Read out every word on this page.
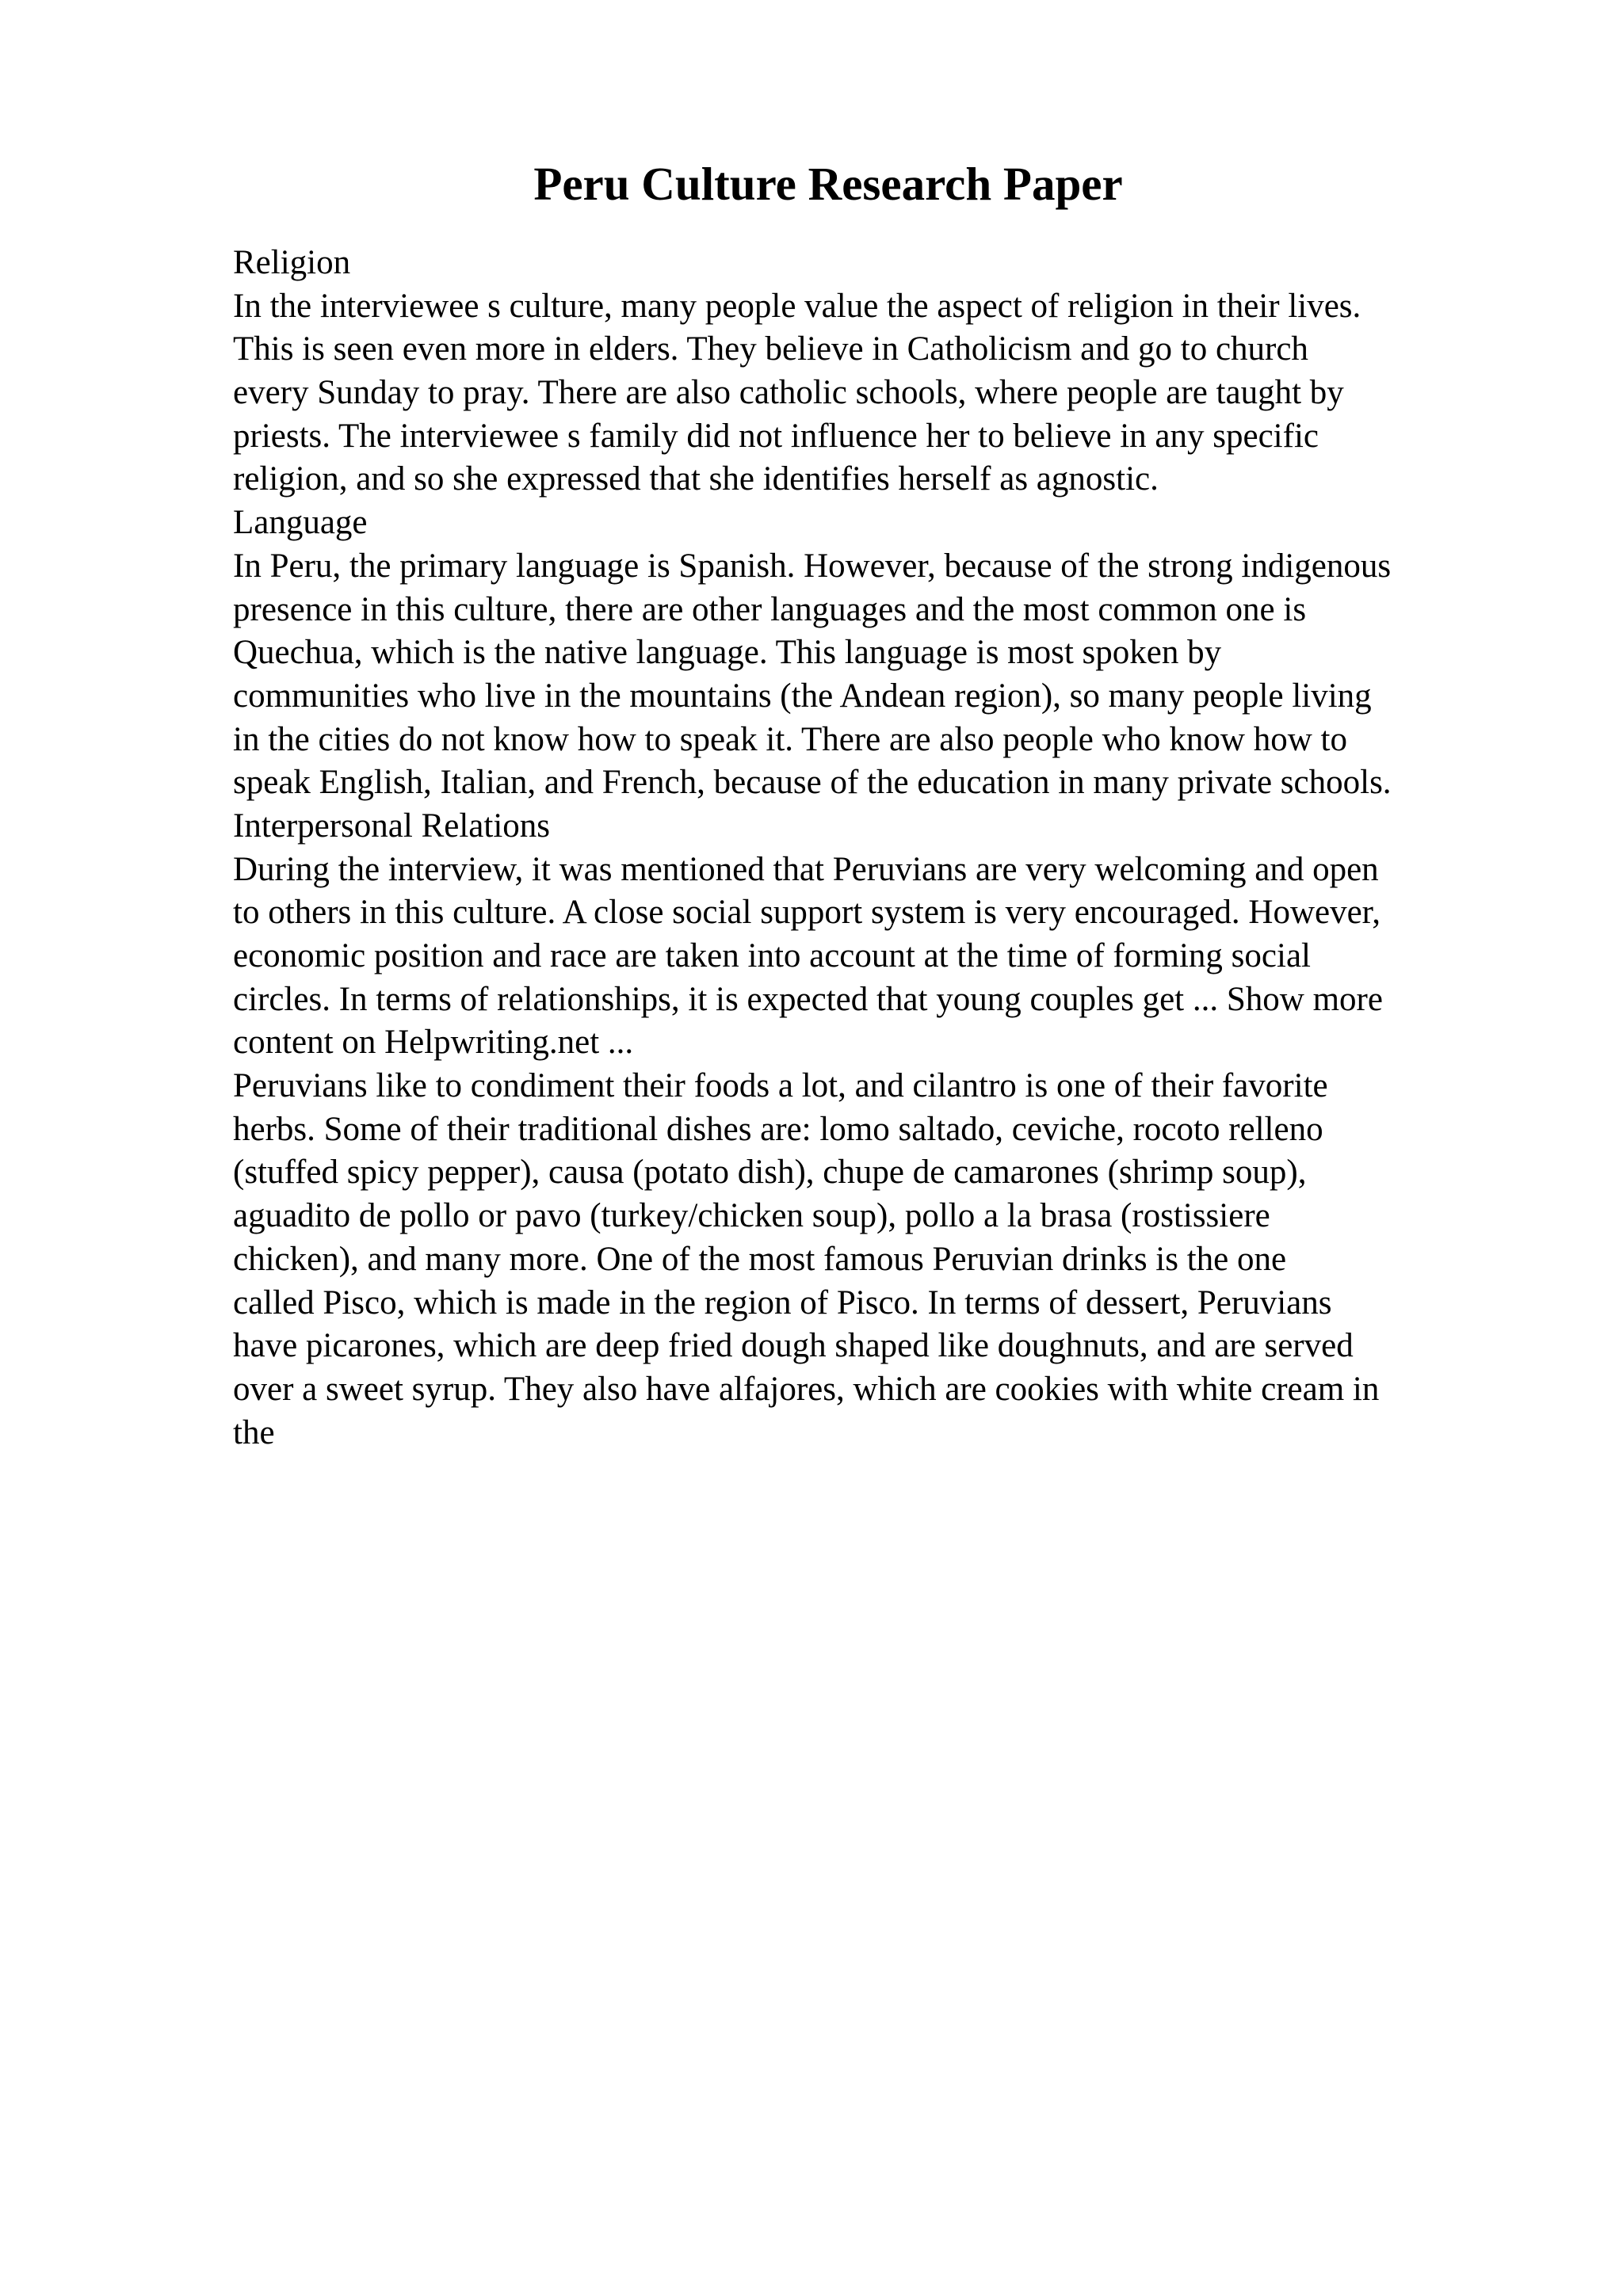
Peru Culture Research Paper
Religion
In the interviewee s culture, many people value the aspect of religion in their lives.
This is seen even more in elders. They believe in Catholicism and go to church
every Sunday to pray. There are also catholic schools, where people are taught by
priests. The interviewee s family did not influence her to believe in any specific
religion, and so she expressed that she identifies herself as agnostic.
Language
In Peru, the primary language is Spanish. However, because of the strong indigenous
presence in this culture, there are other languages and the most common one is
Quechua, which is the native language. This language is most spoken by
communities who live in the mountains (the Andean region), so many people living
in the cities do not know how to speak it. There are also people who know how to
speak English, Italian, and French, because of the education in many private schools.
Interpersonal Relations
During the interview, it was mentioned that Peruvians are very welcoming and open
to others in this culture. A close social support system is very encouraged. However,
economic position and race are taken into account at the time of forming social
circles. In terms of relationships, it is expected that young couples get ... Show more
content on Helpwriting.net ...
Peruvians like to condiment their foods a lot, and cilantro is one of their favorite
herbs. Some of their traditional dishes are: lomo saltado, ceviche, rocoto relleno
(stuffed spicy pepper), causa (potato dish), chupe de camarones (shrimp soup),
aguadito de pollo or pavo (turkey/chicken soup), pollo a la brasa (rostissiere
chicken), and many more. One of the most famous Peruvian drinks is the one
called Pisco, which is made in the region of Pisco. In terms of dessert, Peruvians
have picarones, which are deep fried dough shaped like doughnuts, and are served
over a sweet syrup. They also have alfajores, which are cookies with white cream in
the
